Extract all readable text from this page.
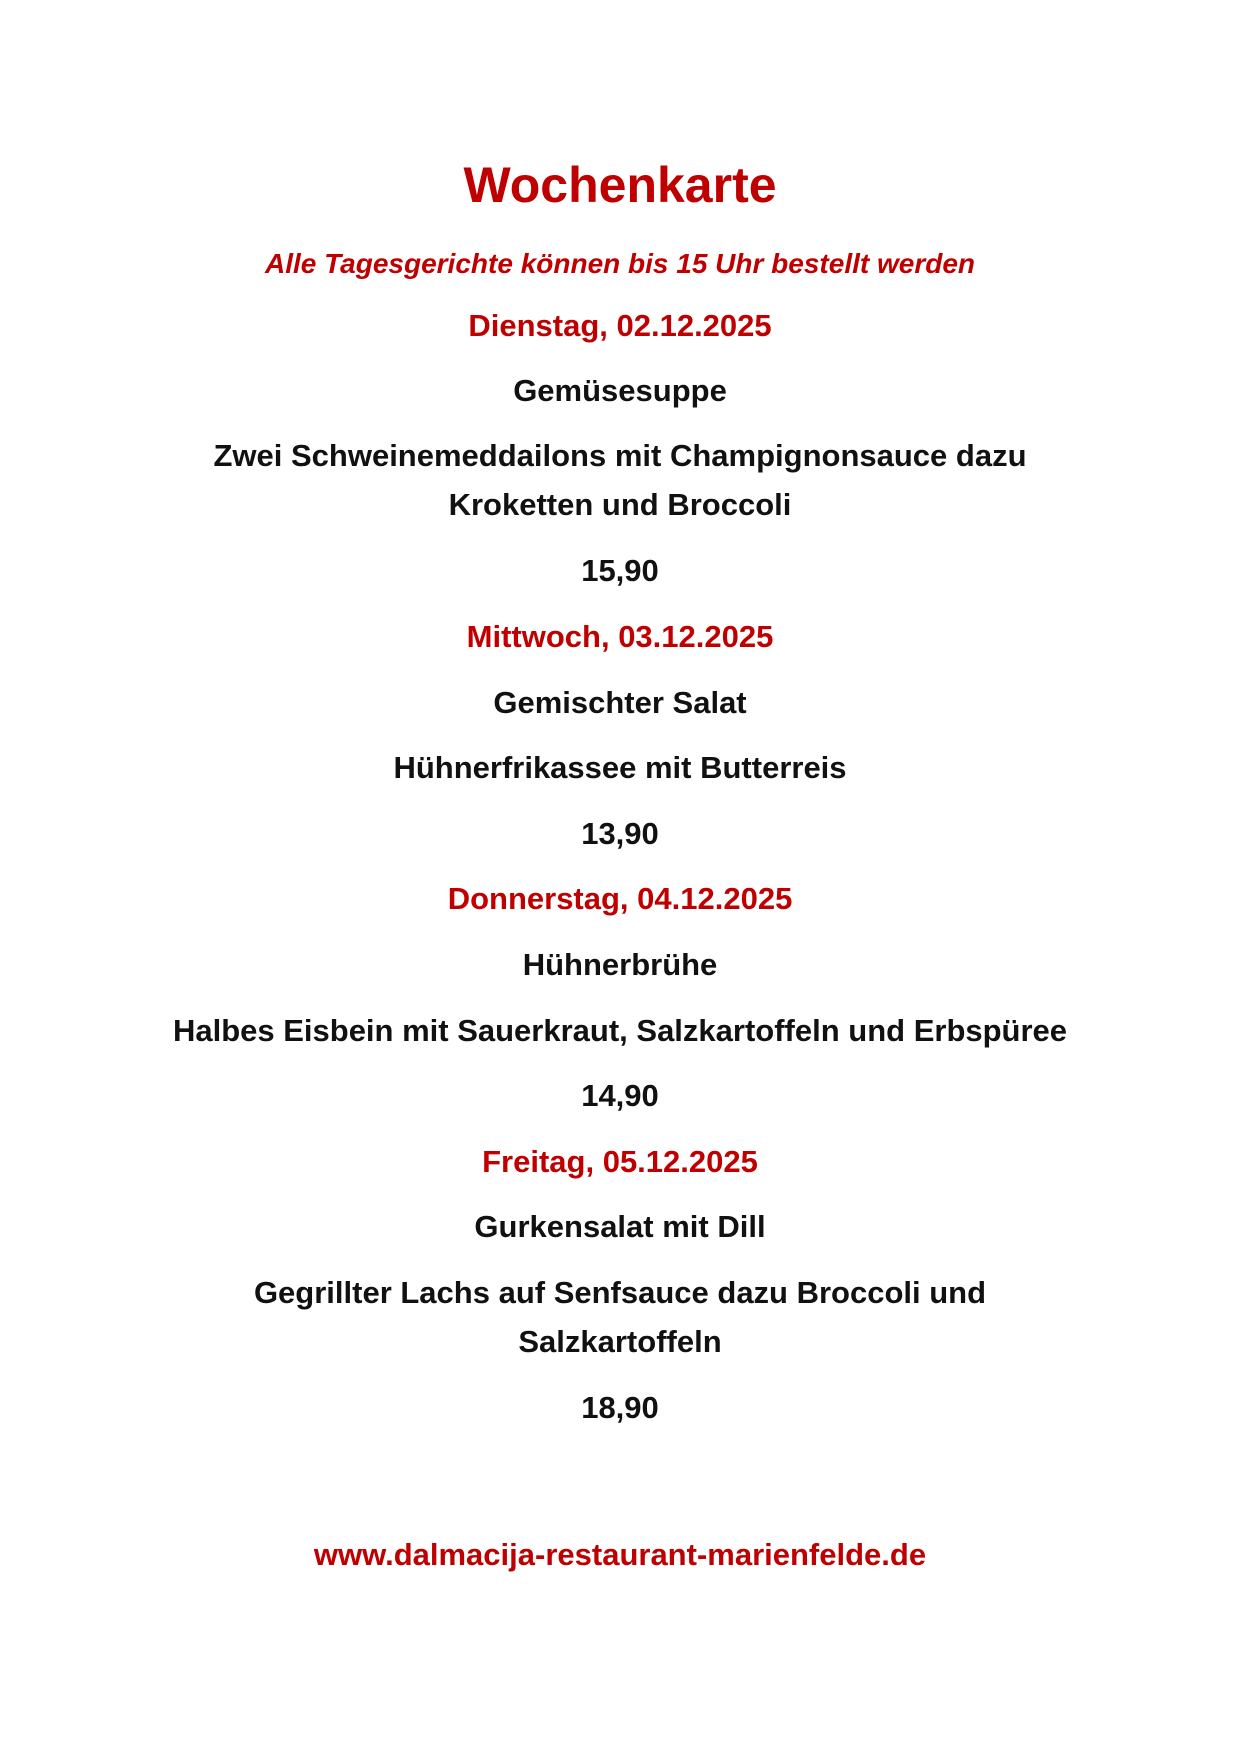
Wochenkarte
Alle Tagesgerichte können bis 15 Uhr bestellt werden
Dienstag, 02.12.2025
Gemüsesuppe
Zwei Schweinemeddailons mit Champignonsauce dazu Kroketten und Broccoli
15,90
Mittwoch, 03.12.2025
Gemischter Salat
Hühnerfrikassee mit Butterreis
13,90
Donnerstag, 04.12.2025
Hühnerbrühe
Halbes Eisbein mit Sauerkraut, Salzkartoffeln und Erbspüree
14,90
Freitag, 05.12.2025
Gurkensalat mit Dill
Gegrillter Lachs auf Senfsauce dazu Broccoli und Salzkartoffeln
18,90
www.dalmacija-restaurant-marienfelde.de
